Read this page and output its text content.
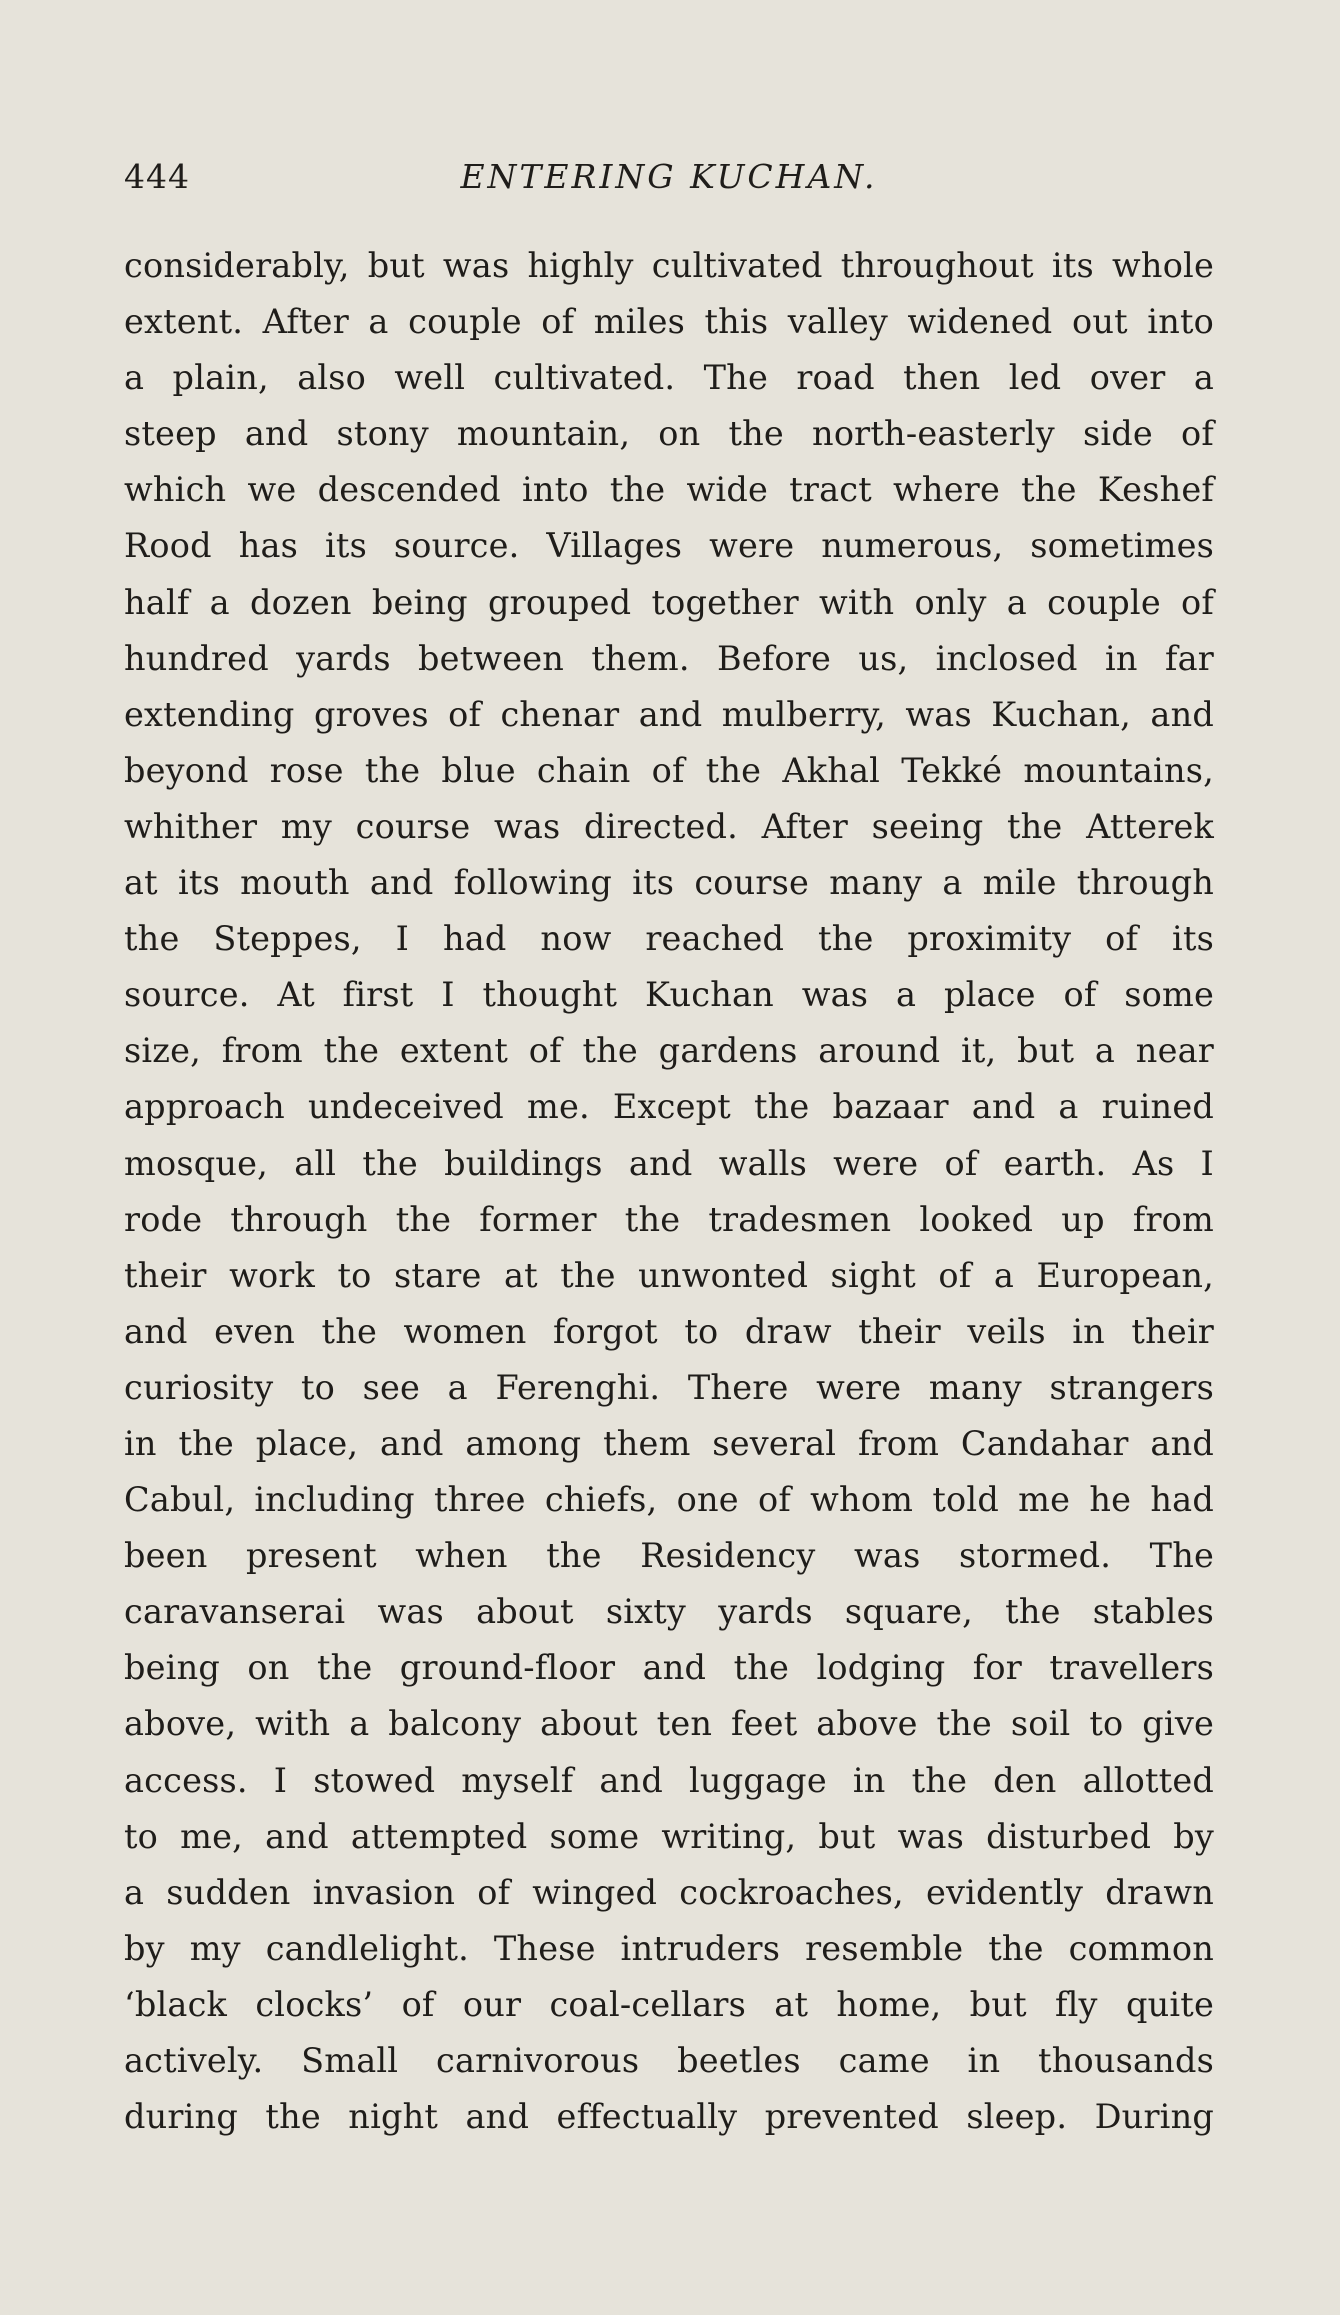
444	ENTERING KUCHAN.
considerably, but was highly cultivated throughout its whole
extent. After a couple of miles this valley widened out into
a plain, also well cultivated. The road then led over a
steep and stony mountain, on the north-easterly side of
which we descended into the wide tract where the Keshef
Rood has its source. Villages were numerous, sometimes
half a dozen being grouped together with only a couple of
hundred yards between them. Before us, inclosed in far
extending groves of chenar and mulberry, was Kuchan, and
beyond rose the blue chain of the Akhal Tekké mountains,
whither my course was directed. After seeing the Atterek
at its mouth and following its course many a mile through
the Steppes, I had now reached the proximity of its
source. At first I thought Kuchan was a place of some
size, from the extent of the gardens around it, but a near
approach undeceived me. Except the bazaar and a ruined
mosque, all the buildings and walls were of earth. As I
rode through the former the tradesmen looked up from
their work to stare at the unwonted sight of a European,
and even the women forgot to draw their veils in their
curiosity to see a Ferenghi. There were many strangers
in the place, and among them several from Candahar and
Cabul, including three chiefs, one of whom told me he had
been present when the Residency was stormed. The
caravanserai was about sixty yards square, the stables
being on the ground-floor and the lodging for travellers
above, with a balcony about ten feet above the soil to give
access. I stowed myself and luggage in the den allotted
to me, and attempted some writing, but was disturbed by
a sudden invasion of winged cockroaches, evidently drawn
by my candlelight. These intruders resemble the common
‘black clocks’ of our coal-cellars at home, but fly quite
actively. Small carnivorous beetles came in thousands
during the night and effectually prevented sleep. During
